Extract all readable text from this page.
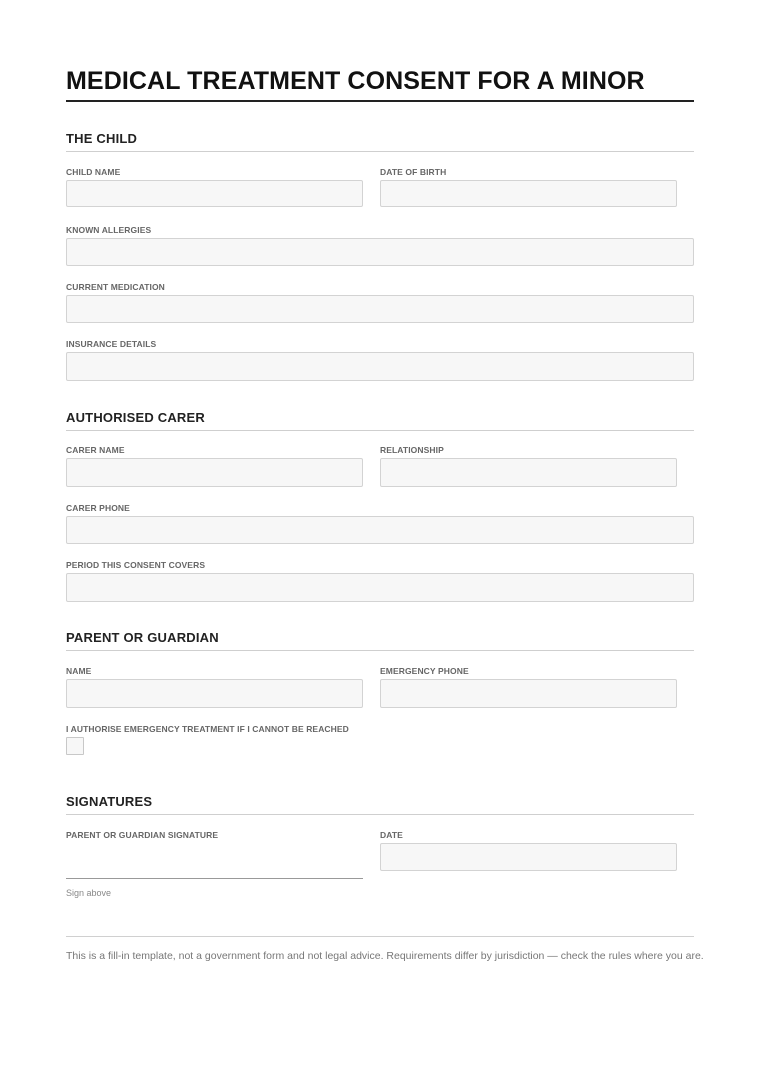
MEDICAL TREATMENT CONSENT FOR A MINOR
THE CHILD
CHILD NAME	DATE OF BIRTH
KNOWN ALLERGIES
CURRENT MEDICATION
INSURANCE DETAILS
AUTHORISED CARER
CARER NAME	RELATIONSHIP
CARER PHONE
PERIOD THIS CONSENT COVERS
PARENT OR GUARDIAN
NAME	EMERGENCY PHONE
I AUTHORISE EMERGENCY TREATMENT IF I CANNOT BE REACHED
SIGNATURES
PARENT OR GUARDIAN SIGNATURE
Sign above
DATE
This is a fill-in template, not a government form and not legal advice. Requirements differ by jurisdiction — check the rules where you are.
